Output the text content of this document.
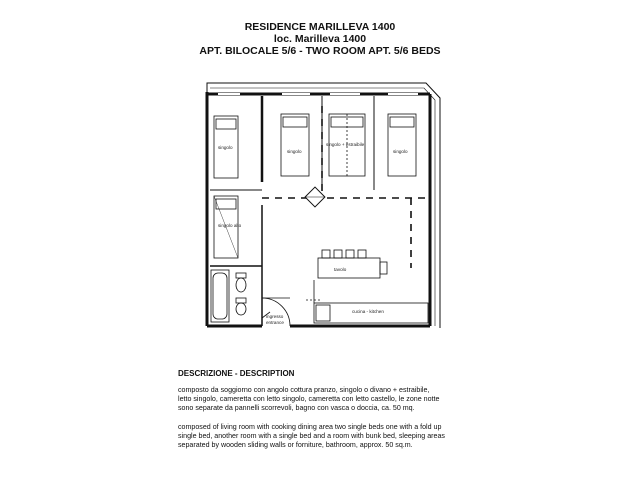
RESIDENCE MARILLEVA 1400
loc. Marilleva 1400
APT. BILOCALE 5/6 - TWO ROOM APT. 5/6 BEDS
singolo
singolo alto
singolo
singolo + estraibile
singolo
tavolo
cucina - kitchen
ingresso
entrance
DESCRIZIONE - DESCRIPTION
composto da soggiorno con angolo cottura pranzo, singolo o divano + estraibile,
letto singolo, cameretta con letto singolo, cameretta con letto castello, le zone notte
sono separate da pannelli scorrevoli, bagno con vasca o doccia, ca. 50 mq.
composed of living room with cooking dining area two single beds one with a fold up
single bed, another room with a single bed and a room with bunk bed, sleeping areas
separated by wooden sliding walls or forniture, bathroom, approx. 50 sq.m.
